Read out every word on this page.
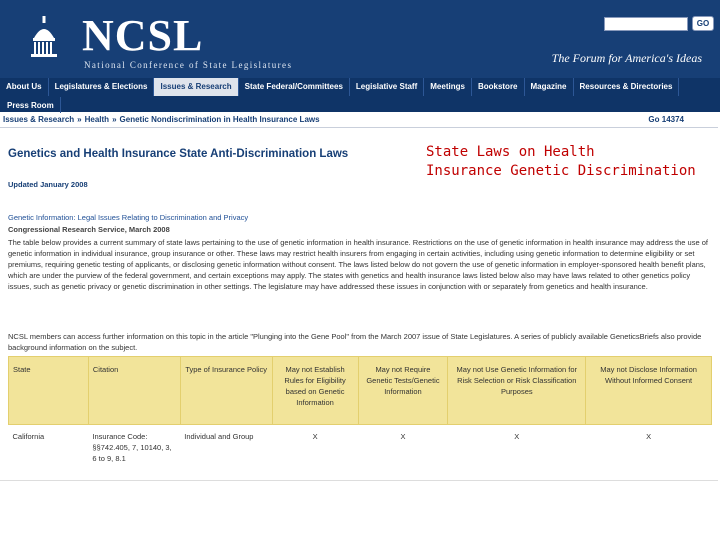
NCSL
National Conference of State Legislatures
GO
The Forum for America's Ideas
About Us	Legislatures & Elections	Issues & Research	State Federal/Committees	Legislative Staff	Meetings	Bookstore	Magazine	Resources & Directories
Press Room
Issues & Research » Health » Genetic Nondiscrimination in Health Insurance Laws	Go 14374
Genetics and Health Insurance State Anti-Discrimination Laws
Updated January 2008
Genetic Information: Legal Issues Relating to Discrimination and Privacy
Congressional Research Service, March 2008
The table below provides a current summary of state laws pertaining to the use of genetic information in health insurance. Restrictions on the use of genetic information in health insurance may address the use of genetic information in individual insurance, group insurance or other. These laws may restrict health insurers from engaging in certain activities, including using genetic information to determine eligibility or set premiums, requiring genetic testing of applicants, or disclosing genetic information without consent. The laws listed below do not govern the use of genetic information in employer-sponsored health benefit plans, which are under the purview of the federal government, and certain exceptions may apply. The states with genetics and health insurance laws listed below also may have laws related to other genetics policy issues, such as genetic privacy or genetic discrimination in other settings. The legislature may have addressed these issues in conjunction with or separately from genetics and health insurance.
NCSL members can access further information on this topic in the article "Plunging into the Gene Pool" from the March 2007 issue of State Legislatures. A series of publicly available GeneticsBriefs also provide background information on the subject.
State Laws on Health
Insurance Genetic Discrimination
State	Citation	Type of Insurance Policy	May not Establish Rules for Eligibility based on Genetic Information	May not Require Genetic Tests/Genetic Information	May not Use Genetic Information for Risk Selection or Risk Classification Purposes	May not Disclose Information Without Informed Consent
California	Insurance Code: §§742.405, 7, 10140, 3, 6 to 9, 8.1	Individual and Group	X	X	X	X
